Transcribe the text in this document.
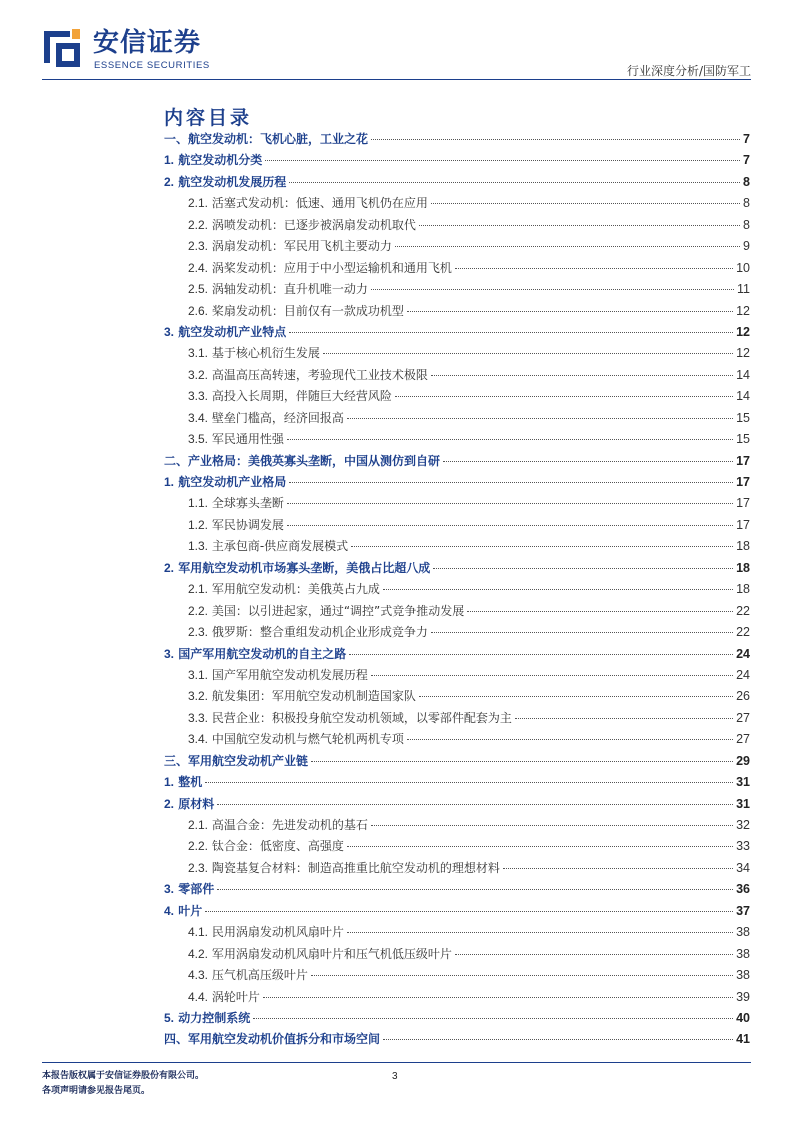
安信证券
ESSENCE SECURITIES	行业深度分析/国防军工
内容目录
一、航空发动机：飞机心脏，工业之花	7
1. 航空发动机分类	7
2. 航空发动机发展历程	8
2.1. 活塞式发动机：低速、通用飞机仍在应用	8
2.2. 涡喷发动机：已逐步被涡扇发动机取代	8
2.3. 涡扇发动机：军民用飞机主要动力	9
2.4. 涡桨发动机：应用于中小型运输机和通用飞机	10
2.5. 涡轴发动机：直升机唯一动力	11
2.6. 桨扇发动机：目前仅有一款成功机型	12
3. 航空发动机产业特点	12
3.1. 基于核心机衍生发展	12
3.2. 高温高压高转速，考验现代工业技术极限	14
3.3. 高投入长周期，伴随巨大经营风险	14
3.4. 壁垒门槛高，经济回报高	15
3.5. 军民通用性强	15
二、产业格局：美俄英寡头垄断，中国从测仿到自研	17
1. 航空发动机产业格局	17
1.1. 全球寡头垄断	17
1.2. 军民协调发展	17
1.3. 主承包商-供应商发展模式	18
2. 军用航空发动机市场寡头垄断，美俄占比超八成	18
2.1. 军用航空发动机：美俄英占九成	18
2.2. 美国：以引进起家，通过“调控”式竞争推动发展	22
2.3. 俄罗斯：整合重组发动机企业形成竞争力	22
3. 国产军用航空发动机的自主之路	24
3.1. 国产军用航空发动机发展历程	24
3.2. 航发集团：军用航空发动机制造国家队	26
3.3. 民营企业：积极投身航空发动机领域，以零部件配套为主	27
3.4. 中国航空发动机与燃气轮机两机专项	27
三、军用航空发动机产业链	29
1. 整机	31
2. 原材料	31
2.1. 高温合金：先进发动机的基石	32
2.2. 钛合金：低密度、高强度	33
2.3. 陶瓷基复合材料：制造高推重比航空发动机的理想材料	34
3. 零部件	36
4. 叶片	37
4.1. 民用涡扇发动机风扇叶片	38
4.2. 军用涡扇发动机风扇叶片和压气机低压级叶片	38
4.3. 压气机高压级叶片	38
4.4. 涡轮叶片	39
5. 动力控制系统	40
四、军用航空发动机价值拆分和市场空间	41
本报告版权属于安信证券股份有限公司。
各项声明请参见报告尾页。
3
